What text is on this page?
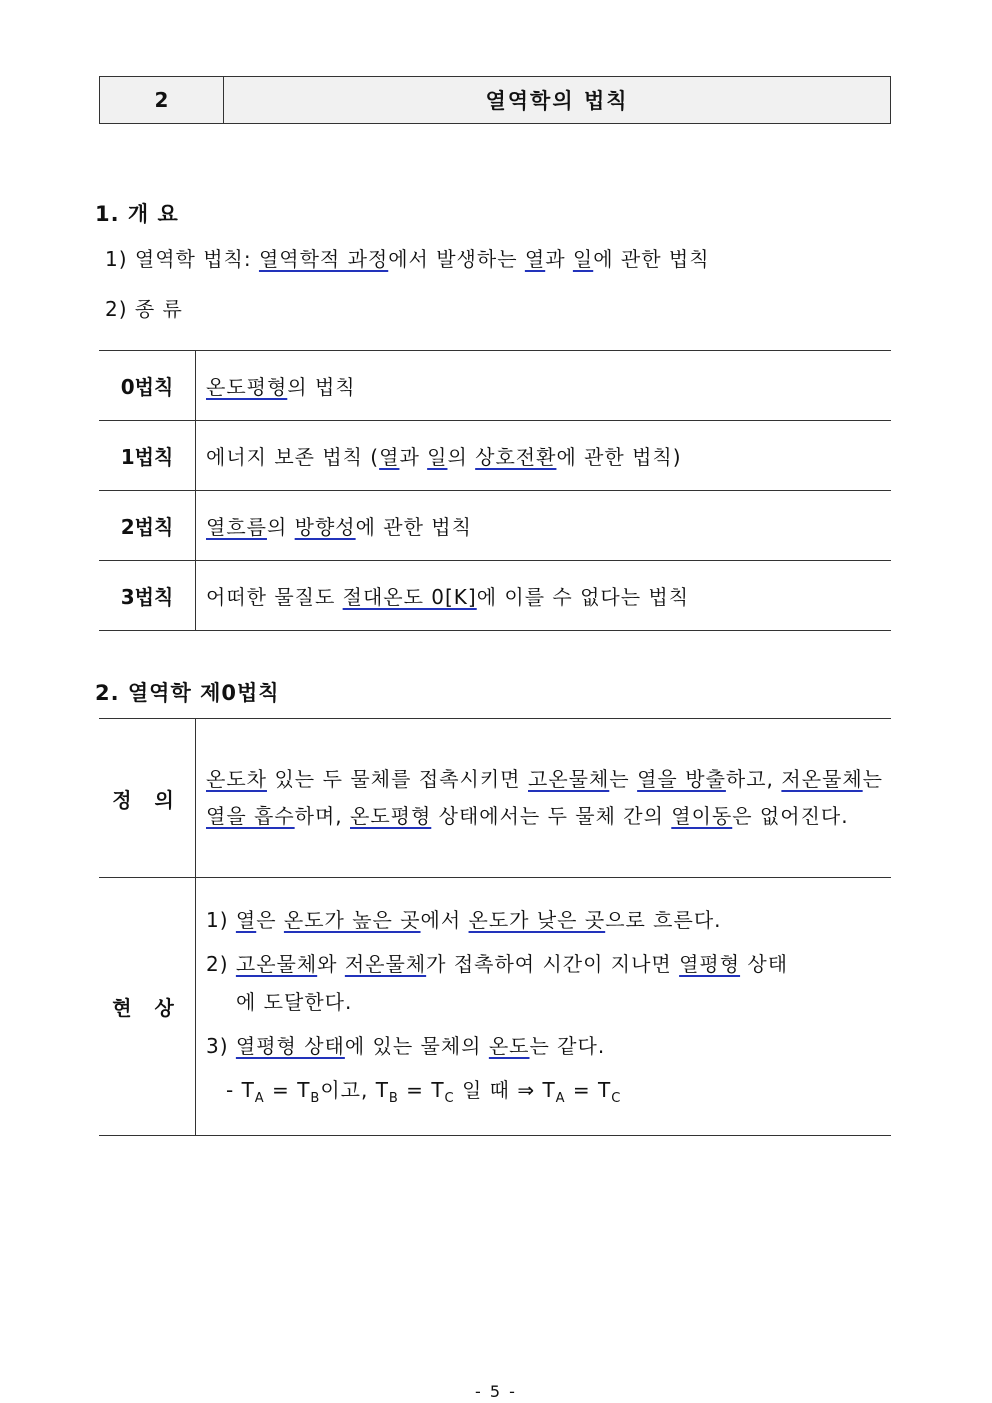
2	열역학의 법칙
1. 개 요
1) 열역학 법칙: 열역학적 과정에서 발생하는 열과 일에 관한 법칙
2) 종 류
0법칙	온도평형의 법칙
1법칙	에너지 보존 법칙 (열과 일의 상호전환에 관한 법칙)
2법칙	열흐름의 방향성에 관한 법칙
3법칙	어떠한 물질도 절대온도 0[K]에 이를 수 없다는 법칙
2. 열역학 제0법칙
정 의	온도차 있는 두 물체를 접촉시키면 고온물체는 열을 방출하고, 저온물체는 열을 흡수하며, 온도평형 상태에서는 두 물체 간의 열이동은 없어진다.
현 상	1) 열은 온도가 높은 곳에서 온도가 낮은 곳으로 흐른다.
2) 고온물체와 저온물체가 접촉하여 시간이 지나면 열평형 상태
에 도달한다.
3) 열평형 상태에 있는 물체의 온도는 같다.
- $T_A = T_B$이고, $T_B = T_C$ 일 때 ⇒ $T_A = T_C$
- 5 -
